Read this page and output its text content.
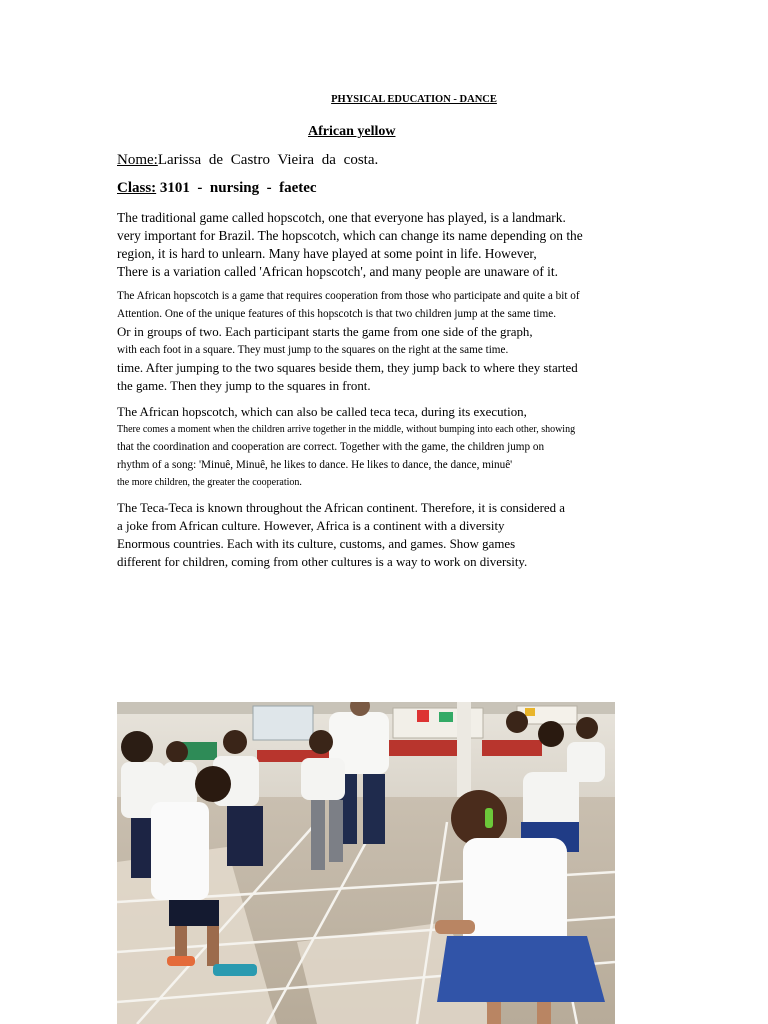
PHYSICAL EDUCATION - DANCE
African yellow
Nome:Larissa de Castro Vieira da costa.
Class: 3101  -  nursing  -  faetec
The traditional game called hopscotch, one that everyone has played, is a landmark.
very important for Brazil. The hopscotch, which can change its name depending on the
region, it is hard to unlearn. Many have played at some point in life. However,
There is a variation called 'African hopscotch', and many people are unaware of it.
The African hopscotch is a game that requires cooperation from those who participate and quite a bit of
Attention. One of the unique features of this hopscotch is that two children jump at the same time.
Or in groups of two. Each participant starts the game from one side of the graph,
with each foot in a square. They must jump to the squares on the right at the same time.
time. After jumping to the two squares beside them, they jump back to where they started
the game. Then they jump to the squares in front.
The African hopscotch, which can also be called teca teca, during its execution,
There comes a moment when the children arrive together in the middle, without bumping into each other, showing
that the coordination and cooperation are correct. Together with the game, the children jump on
rhythm of a song: 'Minuê, Minuê, he likes to dance. He likes to dance, the dance, minuê'
the more children, the greater the cooperation.
The Teca-Teca is known throughout the African continent. Therefore, it is considered a
a joke from African culture. However, Africa is a continent with a diversity
Enormous countries. Each with its culture, customs, and games. Show games
different for children, coming from other cultures is a way to work on diversity.
